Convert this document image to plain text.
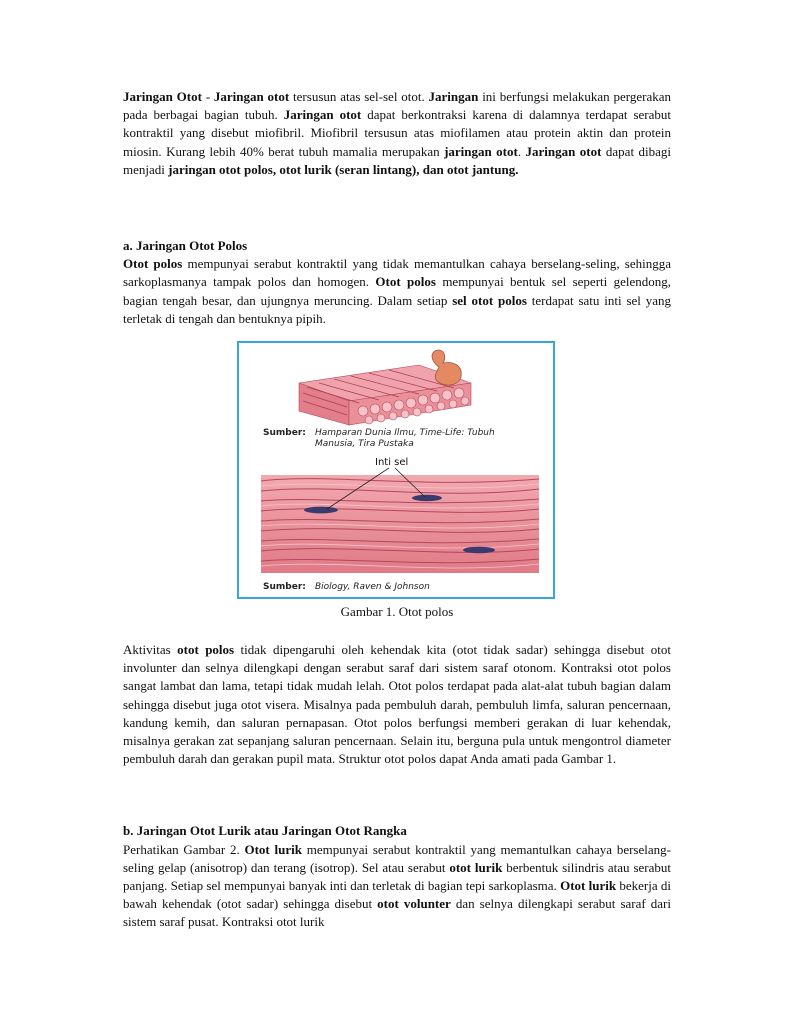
Jaringan Otot - Jaringan otot tersusun atas sel-sel otot. Jaringan ini berfungsi melakukan pergerakan pada berbagai bagian tubuh. Jaringan otot dapat berkontraksi karena di dalamnya terdapat serabut kontraktil yang disebut miofibril. Miofibril tersusun atas miofilamen atau protein aktin dan protein miosin. Kurang lebih 40% berat tubuh mamalia merupakan jaringan otot. Jaringan otot dapat dibagi menjadi jaringan otot polos, otot lurik (seran lintang), dan otot jantung.

a. Jaringan Otot Polos

Otot polos mempunyai serabut kontraktil yang tidak memantulkan cahaya berselang-seling, sehingga sarkoplasmanya tampak polos dan homogen. Otot polos mempunyai bentuk sel seperti gelendong, bagian tengah besar, dan ujungnya meruncing. Dalam setiap sel otot polos terdapat satu inti sel yang terletak di tengah dan bentuknya pipih.

Sumber: Hamparan Dunia Ilmu, Time-Life: Tubuh
Manusia, Tira Pustaka
Inti sel
Sumber: Biology, Raven & Johnson
Gambar 1. Otot polos

Aktivitas otot polos tidak dipengaruhi oleh kehendak kita (otot tidak sadar) sehingga disebut otot involunter dan selnya dilengkapi dengan serabut saraf dari sistem saraf otonom. Kontraksi otot polos sangat lambat dan lama, tetapi tidak mudah lelah. Otot polos terdapat pada alat-alat tubuh bagian dalam sehingga disebut juga otot visera. Misalnya pada pembuluh darah, pembuluh limfa, saluran pencernaan, kandung kemih, dan saluran pernapasan. Otot polos berfungsi memberi gerakan di luar kehendak, misalnya gerakan zat sepanjang saluran pencernaan. Selain itu, berguna pula untuk mengontrol diameter pembuluh darah dan gerakan pupil mata. Struktur otot polos dapat Anda amati pada Gambar 1.

b. Jaringan Otot Lurik atau Jaringan Otot Rangka

Perhatikan Gambar 2. Otot lurik mempunyai serabut kontraktil yang memantulkan cahaya berselang-seling gelap (anisotrop) dan terang (isotrop). Sel atau serabut otot lurik berbentuk silindris atau serabut panjang. Setiap sel mempunyai banyak inti dan terletak di bagian tepi sarkoplasma. Otot lurik bekerja di bawah kehendak (otot sadar) sehingga disebut otot volunter dan selnya dilengkapi serabut saraf dari sistem saraf pusat. Kontraksi otot lurik
